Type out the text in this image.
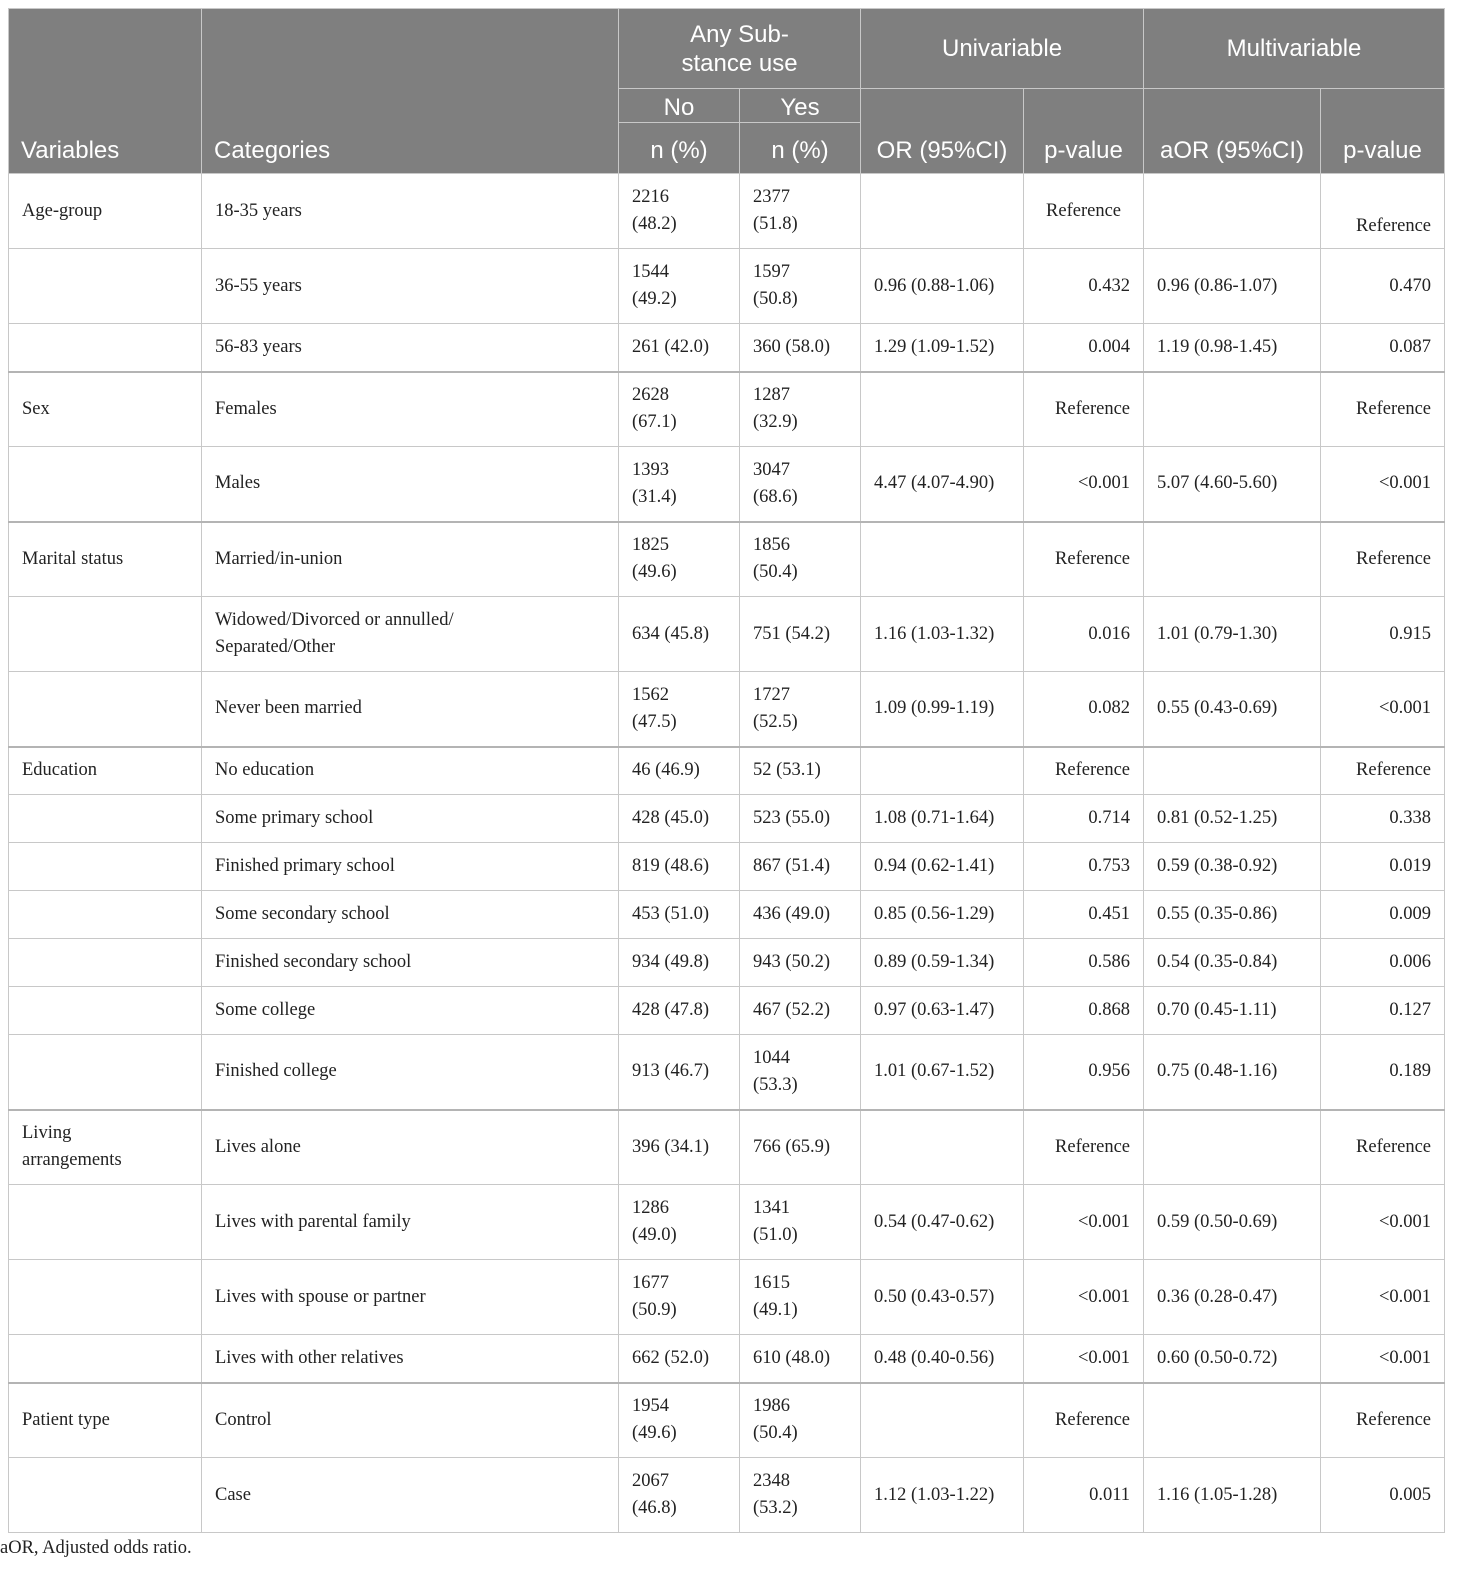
Variables	Categories	Any Sub-
stance use		Univariable		Multivariable	
		No	Yes	OR (95%CI)	p-value	aOR (95%CI)	p-value
		n (%)	n (%)				
Age-group	18-35 years	2216
(48.2)	2377
(51.8)		Reference		Reference
	36-55 years	1544
(49.2)	1597
(50.8)	0.96 (0.88-1.06)	0.432	0.96 (0.86-1.07)	0.470
	56-83 years	261 (42.0)	360 (58.0)	1.29 (1.09-1.52)	0.004	1.19 (0.98-1.45)	0.087
Sex	Females	2628
(67.1)	1287
(32.9)		Reference		Reference
	Males	1393
(31.4)	3047
(68.6)	4.47 (4.07-4.90)	<0.001	5.07 (4.60-5.60)	<0.001
Marital status	Married/in-union	1825
(49.6)	1856
(50.4)		Reference		Reference
	Widowed/Divorced or annulled/
Separated/Other	634 (45.8)	751 (54.2)	1.16 (1.03-1.32)	0.016	1.01 (0.79-1.30)	0.915
	Never been married	1562
(47.5)	1727
(52.5)	1.09 (0.99-1.19)	0.082	0.55 (0.43-0.69)	<0.001
Education	No education	46 (46.9)	52 (53.1)		Reference		Reference
	Some primary school	428 (45.0)	523 (55.0)	1.08 (0.71-1.64)	0.714	0.81 (0.52-1.25)	0.338
	Finished primary school	819 (48.6)	867 (51.4)	0.94 (0.62-1.41)	0.753	0.59 (0.38-0.92)	0.019
	Some secondary school	453 (51.0)	436 (49.0)	0.85 (0.56-1.29)	0.451	0.55 (0.35-0.86)	0.009
	Finished secondary school	934 (49.8)	943 (50.2)	0.89 (0.59-1.34)	0.586	0.54 (0.35-0.84)	0.006
	Some college	428 (47.8)	467 (52.2)	0.97 (0.63-1.47)	0.868	0.70 (0.45-1.11)	0.127
	Finished college	913 (46.7)	1044
(53.3)	1.01 (0.67-1.52)	0.956	0.75 (0.48-1.16)	0.189
Living
arrangements	Lives alone	396 (34.1)	766 (65.9)		Reference		Reference
	Lives with parental family	1286
(49.0)	1341
(51.0)	0.54 (0.47-0.62)	<0.001	0.59 (0.50-0.69)	<0.001
	Lives with spouse or partner	1677
(50.9)	1615
(49.1)	0.50 (0.43-0.57)	<0.001	0.36 (0.28-0.47)	<0.001
	Lives with other relatives	662 (52.0)	610 (48.0)	0.48 (0.40-0.56)	<0.001	0.60 (0.50-0.72)	<0.001
Patient type	Control	1954
(49.6)	1986
(50.4)		Reference		Reference
	Case	2067
(46.8)	2348
(53.2)	1.12 (1.03-1.22)	0.011	1.16 (1.05-1.28)	0.005
aOR, Adjusted odds ratio.
